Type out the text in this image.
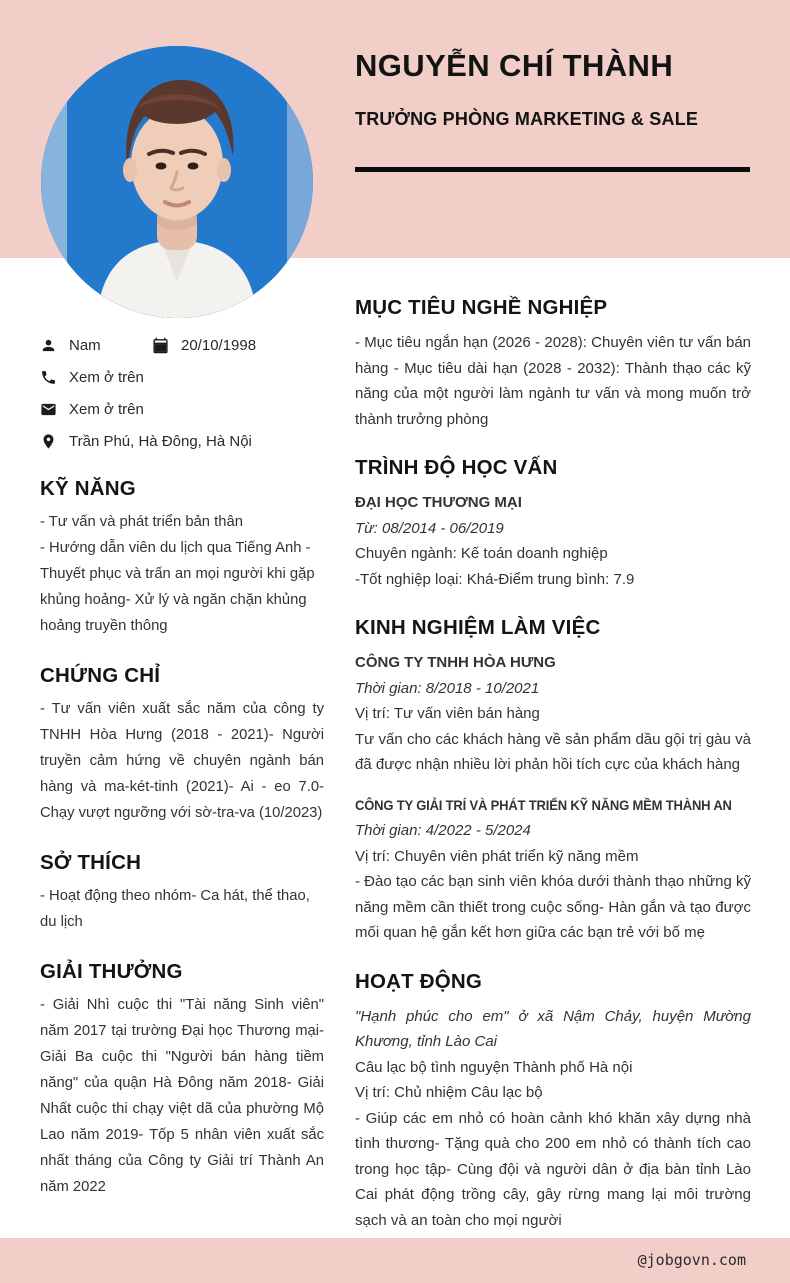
NGUYỄN CHÍ THÀNH
TRƯỞNG PHÒNG MARKETING & SALE
Nam	20/10/1998
Xem ở trên
Xem ở trên
Trần Phú, Hà Đông, Hà Nội
KỸ NĂNG

- Tư vấn và phát triển bản thân

- Hướng dẫn viên du lịch qua Tiếng Anh - Thuyết phục và trấn an mọi người khi gặp khủng hoảng- Xử lý và ngăn chặn khủng hoảng truyền thông

CHỨNG CHỈ

- Tư vấn viên xuất sắc năm của công ty TNHH Hòa Hưng (2018 - 2021)- Người truyền cảm hứng về chuyên ngành bán hàng và ma-két-tinh (2021)- Ai - eo 7.0- Chạy vượt ngưỡng với sờ-tra-va (10/2023)

SỞ THÍCH

- Hoạt động theo nhóm- Ca hát, thể thao, du lịch

GIẢI THƯỞNG

- Giải Nhì cuộc thi "Tài năng Sinh viên" năm 2017 tại trường Đại học Thương mại- Giải Ba cuộc thi "Người bán hàng tiềm năng" của quận Hà Đông năm 2018- Giải Nhất cuộc thi chạy việt dã của phường Mộ Lao năm 2019- Tốp 5 nhân viên xuất sắc nhất tháng của Công ty Giải trí Thành An năm 2022

MỤC TIÊU NGHỀ NGHIỆP

- Mục tiêu ngắn hạn (2026 - 2028): Chuyên viên tư vấn bán hàng - Mục tiêu dài hạn (2028 - 2032): Thành thạo các kỹ năng của một người làm ngành tư vấn và mong muốn trở thành trưởng phòng

TRÌNH ĐỘ HỌC VẤN

ĐẠI HỌC THƯƠNG MẠI

Từ: 08/2014 - 06/2019

Chuyên ngành: Kế toán doanh nghiệp

-Tốt nghiệp loại: Khá-Điểm trung bình: 7.9

KINH NGHIỆM LÀM VIỆC

CÔNG TY TNHH HÒA HƯNG

Thời gian: 8/2018 - 10/2021

Vị trí: Tư vấn viên bán hàng

Tư vấn cho các khách hàng về sản phẩm dầu gội trị gàu và đã được nhận nhiều lời phản hồi tích cực của khách hàng

CÔNG TY GIẢI TRÍ VÀ PHÁT TRIỂN KỸ NĂNG MỀM THÀNH AN

Thời gian: 4/2022 - 5/2024

Vị trí: Chuyên viên phát triển kỹ năng mềm

- Đào tạo các bạn sinh viên khóa dưới thành thạo những kỹ năng mềm cần thiết trong cuộc sống- Hàn gắn và tạo được mối quan hệ gắn kết hơn giữa các bạn trẻ với bố mẹ

HOẠT ĐỘNG

"Hạnh phúc cho em" ở xã Nậm Chảy, huyện Mường Khương, tỉnh Lào Cai

Câu lạc bộ tình nguyện Thành phố Hà nội

Vị trí: Chủ nhiệm Câu lạc bộ

- Giúp các em nhỏ có hoàn cảnh khó khăn xây dựng nhà tình thương- Tặng quà cho 200 em nhỏ có thành tích cao trong học tập- Cùng đội và người dân ở địa bàn tỉnh Lào Cai phát động trồng cây, gây rừng mang lại môi trường sạch và an toàn cho mọi người

@jobgovn.com
